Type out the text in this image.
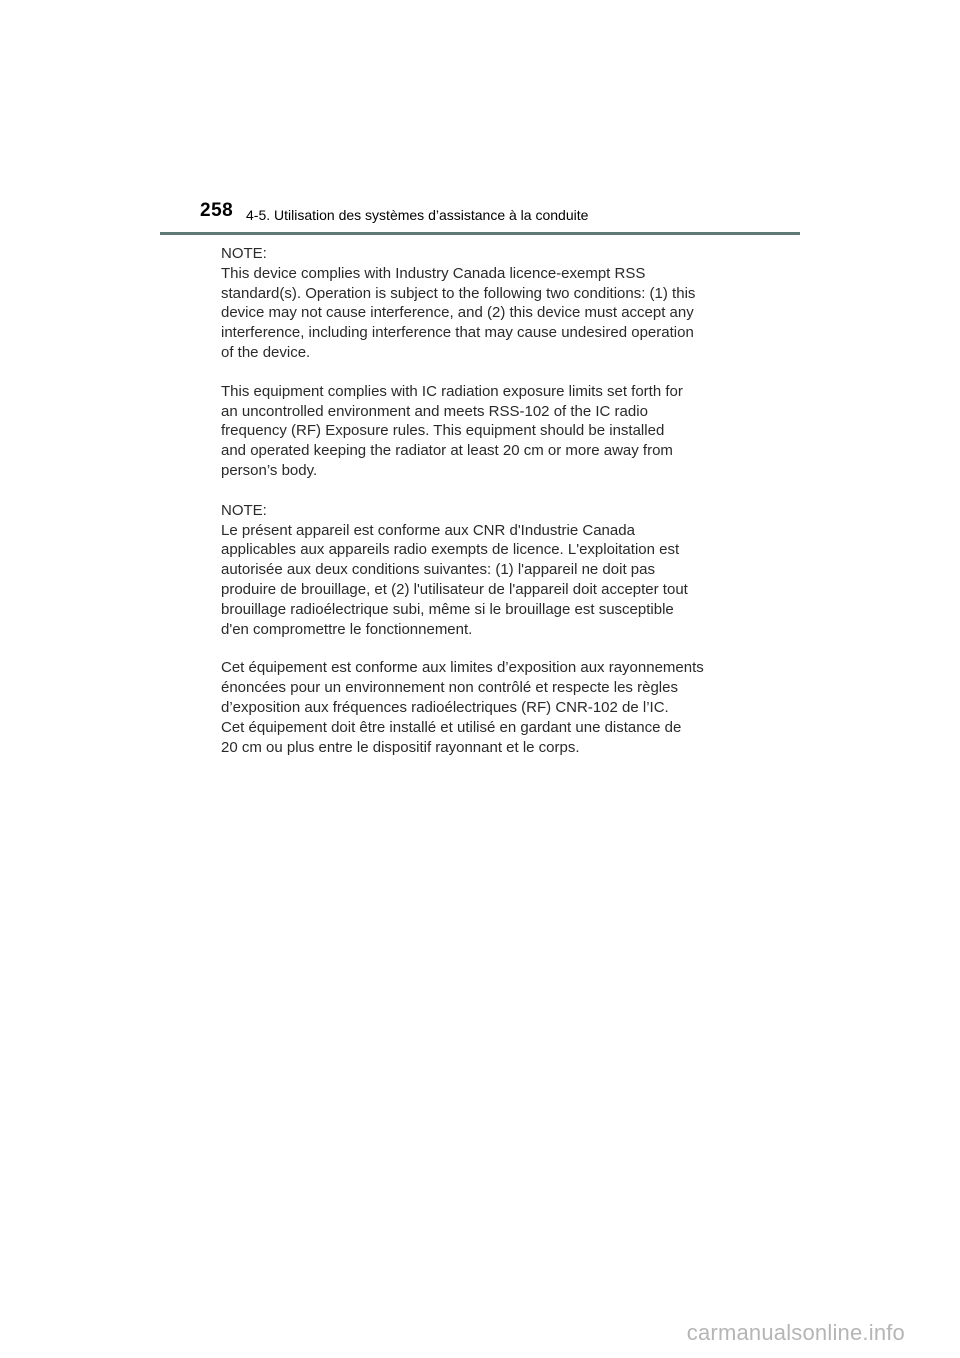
258 4-5. Utilisation des systèmes d’assistance à la conduite

NOTE:

This device complies with Industry Canada licence-exempt RSS

standard(s). Operation is subject to the following two conditions: (1) this

device may not cause interference, and (2) this device must accept any

interference, including interference that may cause undesired operation

of the device.

This equipment complies with IC radiation exposure limits set forth for

an uncontrolled environment and meets RSS-102 of the IC radio

frequency (RF) Exposure rules. This equipment should be installed

and operated keeping the radiator at least 20 cm or more away from

person’s body.

NOTE:

Le présent appareil est conforme aux CNR d'Industrie Canada

applicables aux appareils radio exempts de licence. L'exploitation est

autorisée aux deux conditions suivantes: (1) l'appareil ne doit pas

produire de brouillage, et (2) l'utilisateur de l'appareil doit accepter tout

brouillage radioélectrique subi, même si le brouillage est susceptible

d'en compromettre le fonctionnement.

Cet équipement est conforme aux limites d’exposition aux rayonnements

énoncées pour un environnement non contrôlé et respecte les règles

d’exposition aux fréquences radioélectriques (RF) CNR-102 de l’IC.

Cet équipement doit être installé et utilisé en gardant une distance de

20 cm ou plus entre le dispositif rayonnant et le corps.

carmanualsonline.info
